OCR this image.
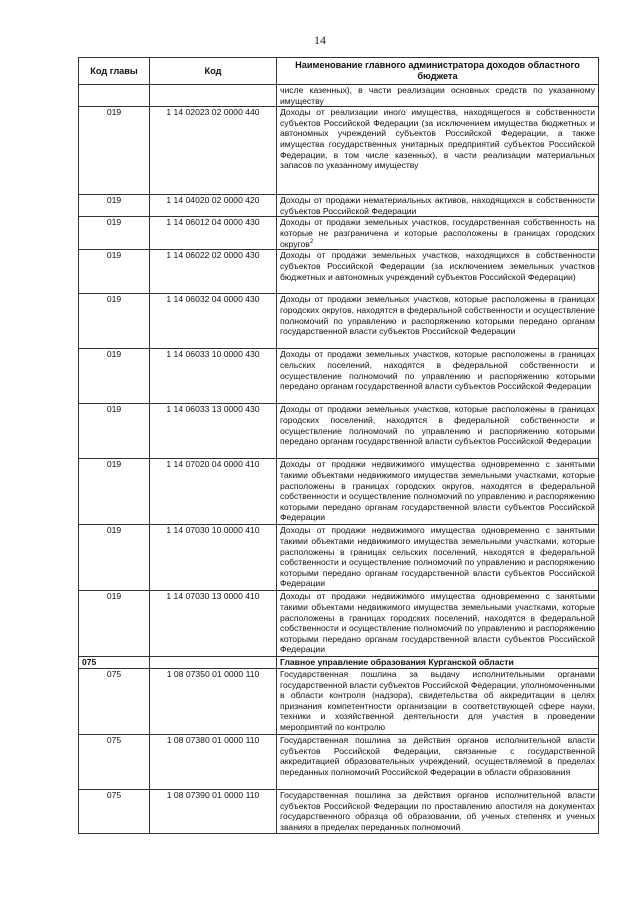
14
Код главы	Код	Наименование главного администратора доходов областного бюджета
		числе казенных), в части реализации основных средств по указанному имуществу
019	1 14 02023 02 0000 440	Доходы от реализации иного имущества, находящегося в собственности субъектов Российской Федерации (за исключением имущества бюджетных и автономных учреждений субъектов Российской Федерации, а также имущества государственных унитарных предприятий субъектов Российской Федерации, в том числе казенных), в части реализации материальных запасов по указанному имуществу
019	1 14 04020 02 0000 420	Доходы от продажи нематериальных активов, находящихся в собственности субъектов Российской Федерации
019	1 14 06012 04 0000 430	Доходы от продажи земельных участков, государственная собственность на которые не разграничена и которые расположены в границах городских округов$^2$
019	1 14 06022 02 0000 430	Доходы от продажи земельных участков, находящихся в собственности субъектов Российской Федерации (за исключением земельных участков бюджетных и автономных учреждений субъектов Российской Федерации)
019	1 14 06032 04 0000 430	Доходы от продажи земельных участков, которые расположены в границах городских округов, находятся в федеральной собственности и осуществление полномочий по управлению и распоряжению которыми передано органам государственной власти субъектов Российской Федерации
019	1 14 06033 10 0000 430	Доходы от продажи земельных участков, которые расположены в границах сельских поселений, находятся в федеральной собственности и осуществление полномочий по управлению и распоряжению которыми передано органам государственной власти субъектов Российской Федерации
019	1 14 06033 13 0000 430	Доходы от продажи земельных участков, которые расположены в границах городских поселений, находятся в федеральной собственности и осуществление полномочий по управлению и распоряжению которыми передано органам государственной власти субъектов Российской Федерации
019	1 14 07020 04 0000 410	Доходы от продажи недвижимого имущества одновременно с занятыми такими объектами недвижимого имущества земельными участками, которые расположены в границах городских округов, находятся в федеральной собственности и осуществление полномочий по управлению и распоряжению которыми передано органам государственной власти субъектов Российской Федерации
019	1 14 07030 10 0000 410	Доходы от продажи недвижимого имущества одновременно с занятыми такими объектами недвижимого имущества земельными участками, которые расположены в границах сельских поселений, находятся в федеральной собственности и осуществление полномочий по управлению и распоряжению которыми передано органам государственной власти субъектов Российской Федерации
019	1 14 07030 13 0000 410	Доходы от продажи недвижимого имущества одновременно с занятыми такими объектами недвижимого имущества земельными участками, которые расположены в границах городских поселений, находятся в федеральной собственности и осуществление полномочий по управлению и распоряжению которыми передано органам государственной власти субъектов Российской Федерации
075		Главное управление образования Курганской области
075	1 08 07350 01 0000 110	Государственная пошлина за выдачу исполнительными органами государственной власти субъектов Российской Федерации, уполномоченными в области контроля (надзора), свидетельства об аккредитации в целях признания компетентности организации в соответствующей сфере науки, техники и хозяйственной деятельности для участия в проведении мероприятий по контролю
075	1 08 07380 01 0000 110	Государственная пошлина за действия органов исполнительной власти субъектов Российской Федерации, связанные с государственной аккредитацией образовательных учреждений, осуществляемой в пределах переданных полномочий Российской Федерации в области образования
075	1 08 07390 01 0000 110	Государственная пошлина за действия органов исполнительной власти субъектов Российской Федерации по проставлению апостиля на документах государственного образца об образовании, об ученых степенях и ученых званиях в пределах переданных полномочий
